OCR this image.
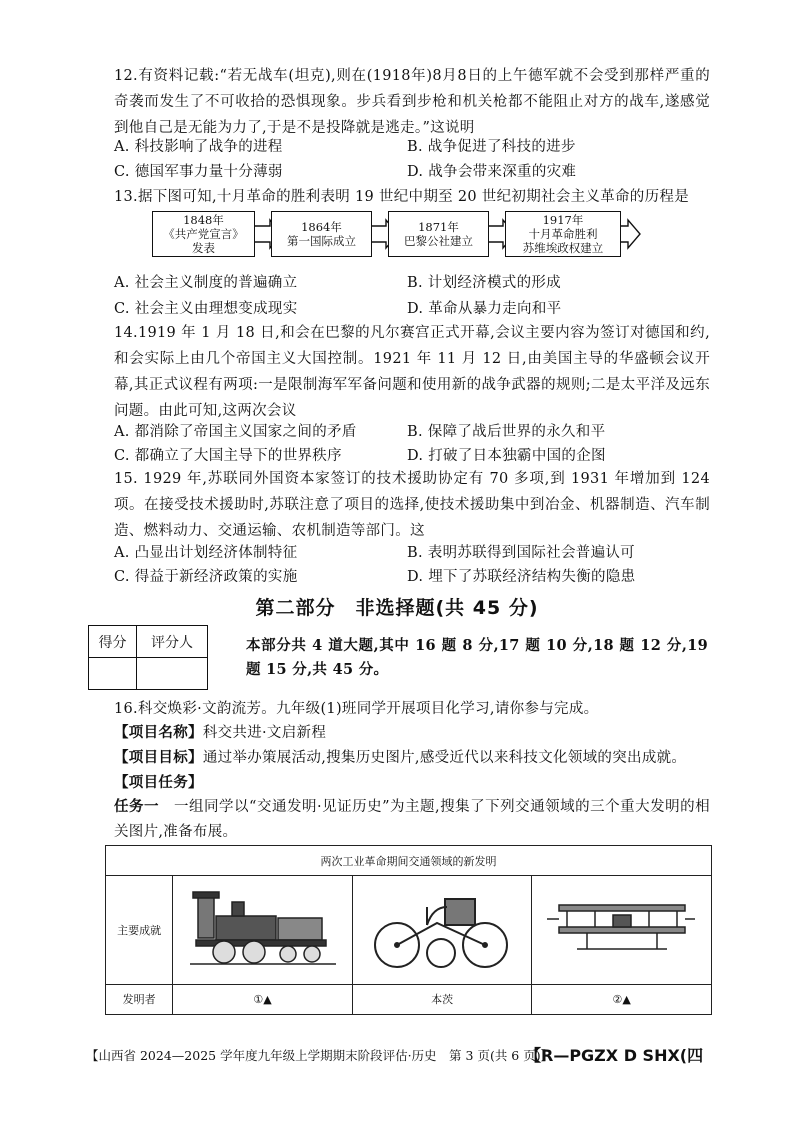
12.有资料记载:“若无战车(坦克),则在(1918年)8月8日的上午德军就不会受到那样严重的奇袭而发生了不可收拾的恐惧现象。步兵看到步枪和机关枪都不能阻止对方的战车,遂感觉到他自己是无能为力了,于是不是投降就是逃走。”这说明
A. 科技影响了战争的进程	B. 战争促进了科技的进步
C. 德国军事力量十分薄弱	D. 战争会带来深重的灾难
13.据下图可知,十月革命的胜利表明 19 世纪中期至 20 世纪初期社会主义革命的历程是
1848年
《共产党宣言》
发表
1864年
第一国际成立
1871年
巴黎公社建立
1917年
十月革命胜利
苏维埃政权建立
A. 社会主义制度的普遍确立	B. 计划经济模式的形成
C. 社会主义由理想变成现实	D. 革命从暴力走向和平
14.1919 年 1 月 18 日,和会在巴黎的凡尔赛宫正式开幕,会议主要内容为签订对德国和约,和会实际上由几个帝国主义大国控制。1921 年 11 月 12 日,由美国主导的华盛顿会议开幕,其正式议程有两项:一是限制海军军备问题和使用新的战争武器的规则;二是太平洋及远东问题。由此可知,这两次会议
A. 都消除了帝国主义国家之间的矛盾	B. 保障了战后世界的永久和平
C. 都确立了大国主导下的世界秩序	D. 打破了日本独霸中国的企图
15. 1929 年,苏联同外国资本家签订的技术援助协定有 70 多项,到 1931 年增加到 124 项。在接受技术援助时,苏联注意了项目的选择,使技术援助集中到冶金、机器制造、汽车制造、燃料动力、交通运输、农机制造等部门。这
A. 凸显出计划经济体制特征	B. 表明苏联得到国际社会普遍认可
C. 得益于新经济政策的实施	D. 埋下了苏联经济结构失衡的隐患
第二部分　非选择题(共 45 分)
得分	评分人
		本部分共 4 道大题,其中 16 题 8 分,17 题 10 分,18 题 12 分,19 题 15 分,共 45 分。
16.科交焕彩·文韵流芳。九年级(1)班同学开展项目化学习,请你参与完成。
【项目名称】科交共进·文启新程
【项目目标】通过举办策展活动,搜集历史图片,感受近代以来科技文化领域的突出成就。
【项目任务】
任务一　 一组同学以“交通发明·见证历史”为主题,搜集了下列交通领域的三个重大发明的相关图片,准备布展。
两次工业革命期间交通领域的新发明			
主要成就			
发明者	①▲	本茨	②▲
【山西省 2024—2025 学年度九年级上学期期末阶段评估·历史　第 3 页(共 6 页)】
【R—PGZX D SHX(四
